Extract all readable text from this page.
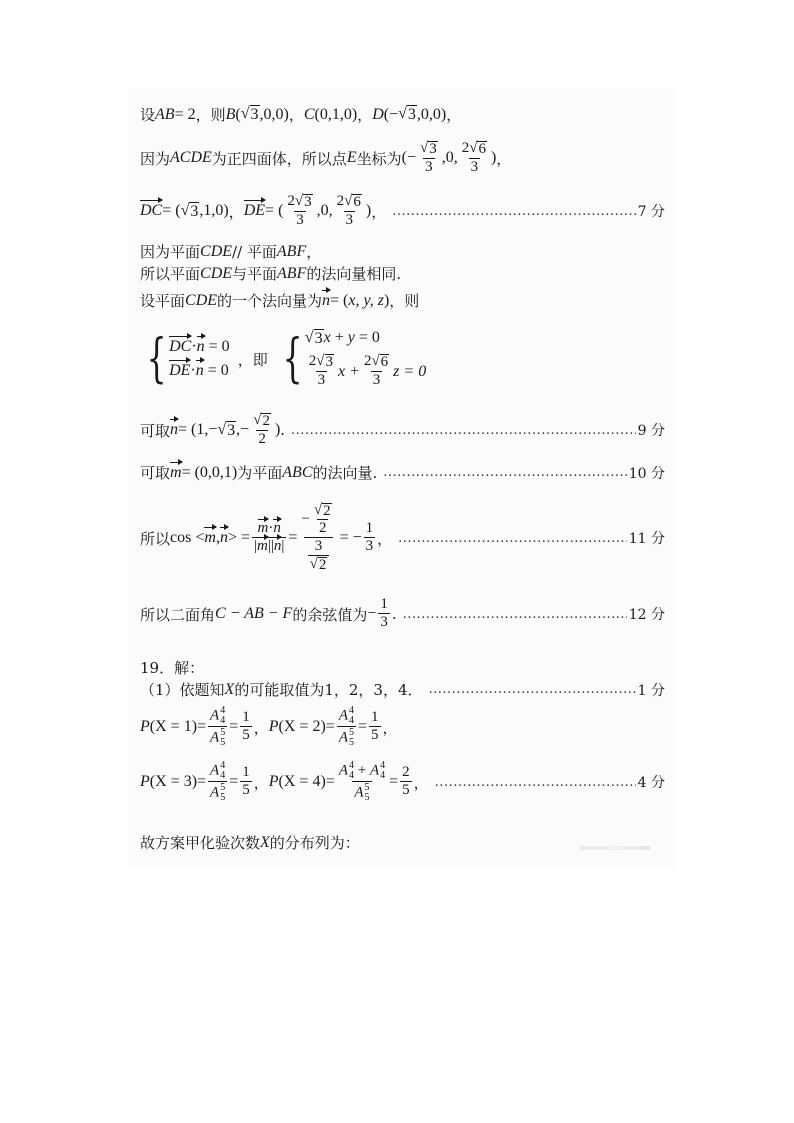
设 AB = 2 ，则 B ( √ 3 ,0,0) ， C (0,1,0) ， D (− √ 3 ,0,0) ，
因为 ACDE 为正四面体，所以点 E 坐标为 (− $\frac{√ 3}{3} ,0$, $\frac{2√ 6}{3}$ ) ，
DC = ( √ 3 ,1,0) ， DE = ( $\frac{2√ 3}{3} ,0$, $\frac{2√ 6}{3}$ ) ， .....	7 分
因为平面 CDE // 平面 ABF ，
所以平面 CDE 与平面 ABF 的法向量相同.
设平面 CDE 的一个法向量为 n = ( x, y, z ) ，则
{ DC·n = 0
DE·n = 0
，即 { √ 3 x + y = 0
$\frac{2√ 3}{3}$ $x + \frac{2√ 6}{3}$ z = 0
可取 n = (1,− √ 3 ,− $\frac{√ 2}{2}$ ) . .....	9 分
可取 m = (0,0,1) 为平面 ABC 的法向量. .....	10 分
所以 cos < m , n > = $\frac{m\cdot n}{|m||n|} = \frac{- \frac{√ 2}{2}}{\frac{3}{√ 2}}$ = − $\frac{1}{3}$ ， .....	11 分
所以二面角 C − AB − F 的余弦值为 − $\frac{1}{3}$ . .....	12 分
19．解：
（1）依题知 X 的可能取值为1，2，3，4． .....	1 分
P (X = 1) = A 4
4
A 5
$5 = \frac{1}{5}$ ， P (X = 2) = A 4
4
A 5
$5 = \frac{1}{5}$ ，
P (X = 3) = A 4
4
A 5
$5 = \frac{1}{5}$ ， P (X = 4) = A 4
4 + A 4
4
A 5
$5 = \frac{2}{5}$ ， .....	4 分
故方案甲化验次数 X 的分布列为：
